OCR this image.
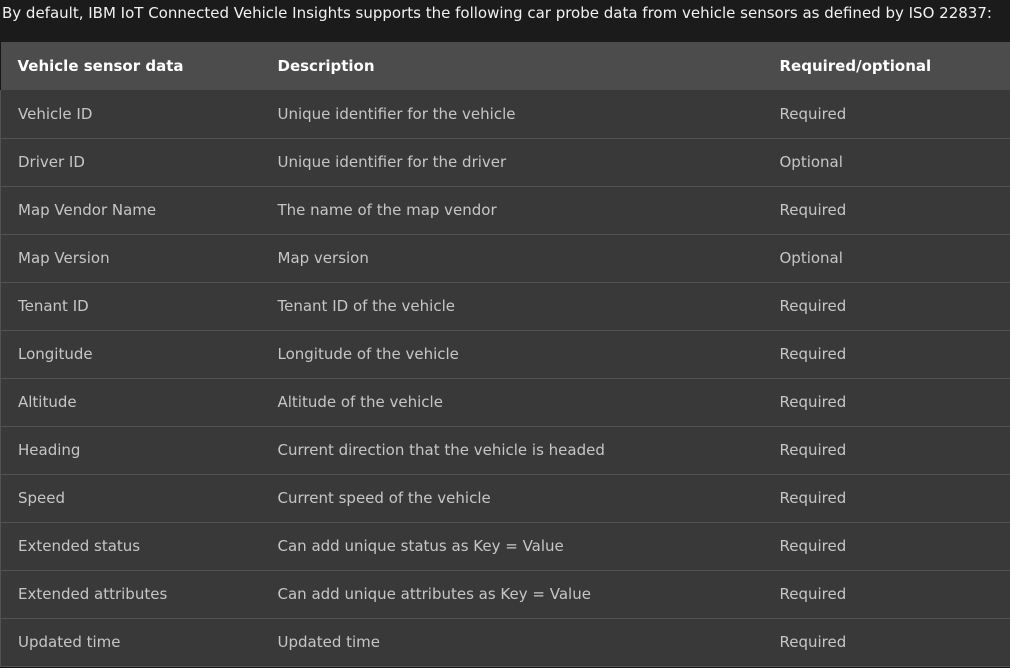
By default, IBM IoT Connected Vehicle Insights supports the following car probe data from vehicle sensors as defined by ISO 22837:
Vehicle sensor data	Description	Required/optional
Vehicle ID	Unique identifier for the vehicle	Required
Driver ID	Unique identifier for the driver	Optional
Map Vendor Name	The name of the map vendor	Required
Map Version	Map version	Optional
Tenant ID	Tenant ID of the vehicle	Required
Longitude	Longitude of the vehicle	Required
Altitude	Altitude of the vehicle	Required
Heading	Current direction that the vehicle is headed	Required
Speed	Current speed of the vehicle	Required
Extended status	Can add unique status as Key = Value	Required
Extended attributes	Can add unique attributes as Key = Value	Required
Updated time	Updated time	Required
